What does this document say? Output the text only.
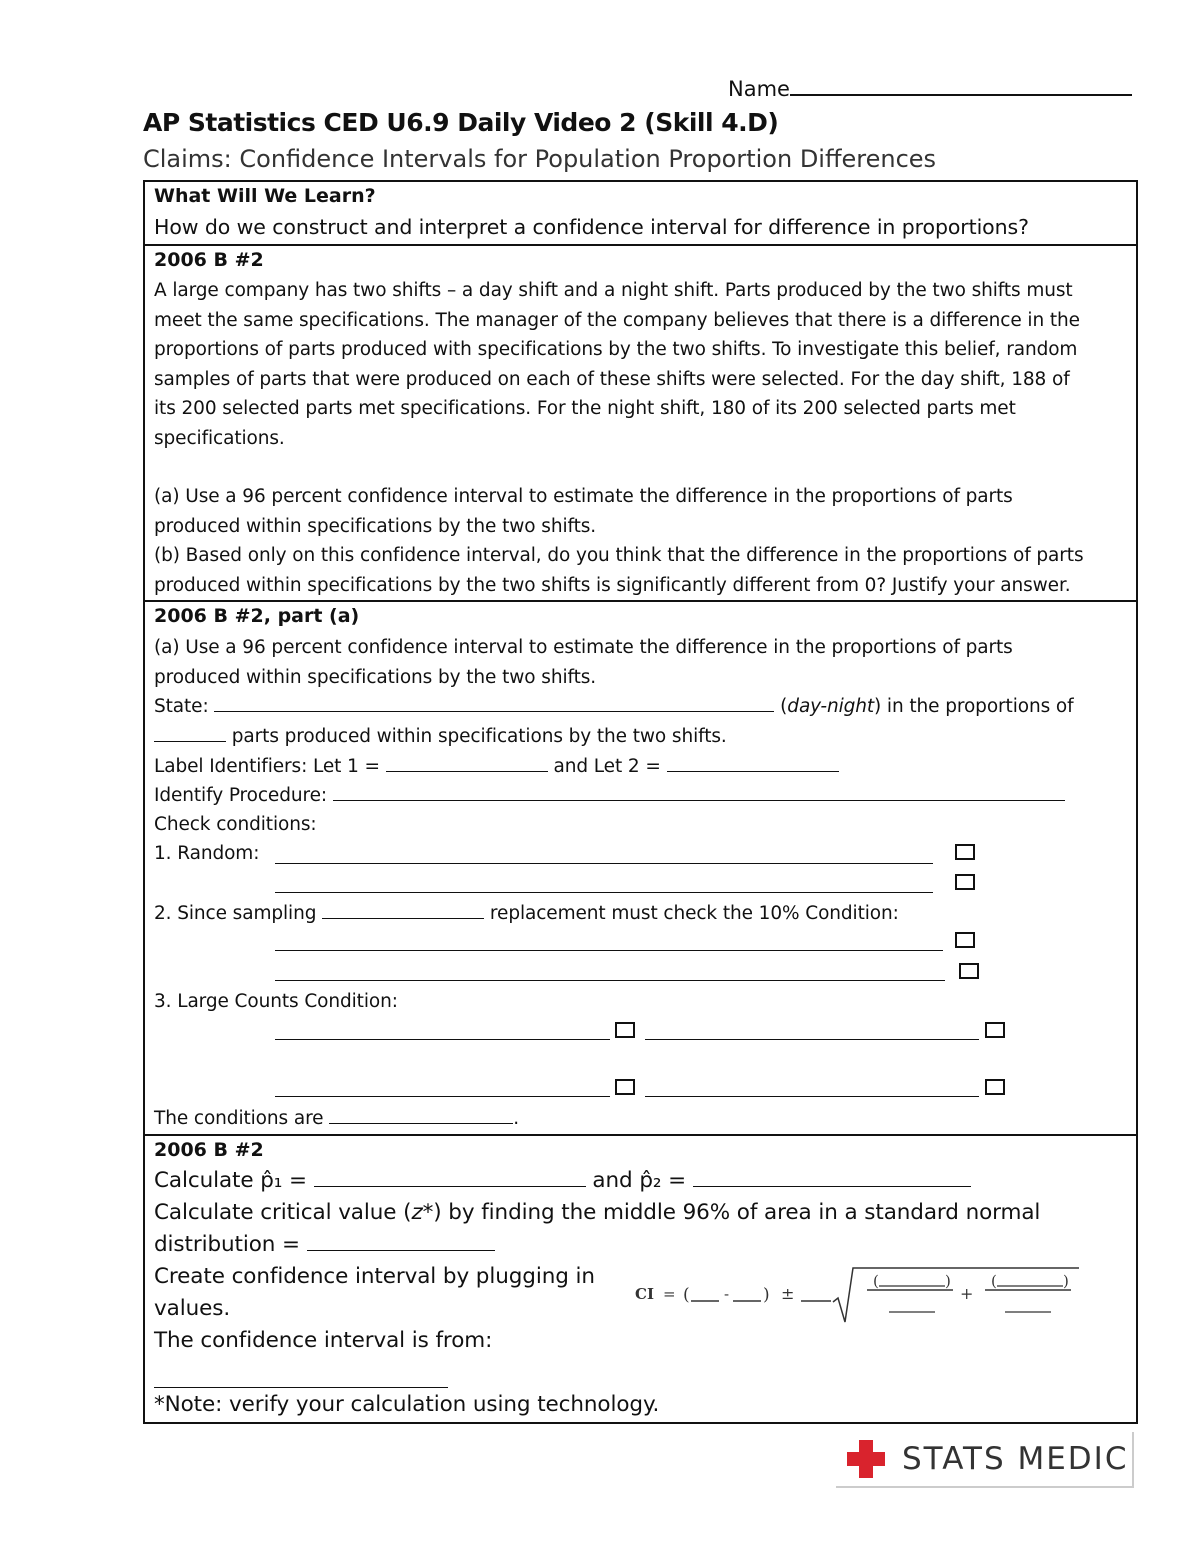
Name
AP Statistics CED U6.9 Daily Video 2 (Skill 4.D)
Claims: Confidence Intervals for Population Proportion Differences
What Will We Learn?
How do we construct and interpret a confidence interval for difference in proportions?
2006 B #2
A large company has two shifts – a day shift and a night shift. Parts produced by the two shifts must
meet the same specifications. The manager of the company believes that there is a difference in the
proportions of parts produced with specifications by the two shifts. To investigate this belief, random
samples of parts that were produced on each of these shifts were selected. For the day shift, 188 of
its 200 selected parts met specifications. For the night shift, 180 of its 200 selected parts met
specifications.
(a) Use a 96 percent confidence interval to estimate the difference in the proportions of parts
produced within specifications by the two shifts.
(b) Based only on this confidence interval, do you think that the difference in the proportions of parts
produced within specifications by the two shifts is significantly different from 0? Justify your answer.
2006 B #2, part (a)
(a) Use a 96 percent confidence interval to estimate the difference in the proportions of parts
produced within specifications by the two shifts.
State:	(day-night) in the proportions of
parts produced within specifications by the two shifts.
Label Identifiers: Let 1 =	and Let 2 =
Identify Procedure:
Check conditions:
1. Random:
2. Since sampling	replacement must check the 10% Condition:
3. Large Counts Condition:
The conditions are	.
2006 B #2
Calculate p̂₁ =	and p̂₂ =
Calculate critical value (z*) by finding the middle 96% of area in a standard normal
distribution =
Create confidence interval by plugging in
values.
The confidence interval is from:
*Note: verify your calculation using technology.
CI = ( - ) ±
(	)
+
(	)
STATS MEDIC
